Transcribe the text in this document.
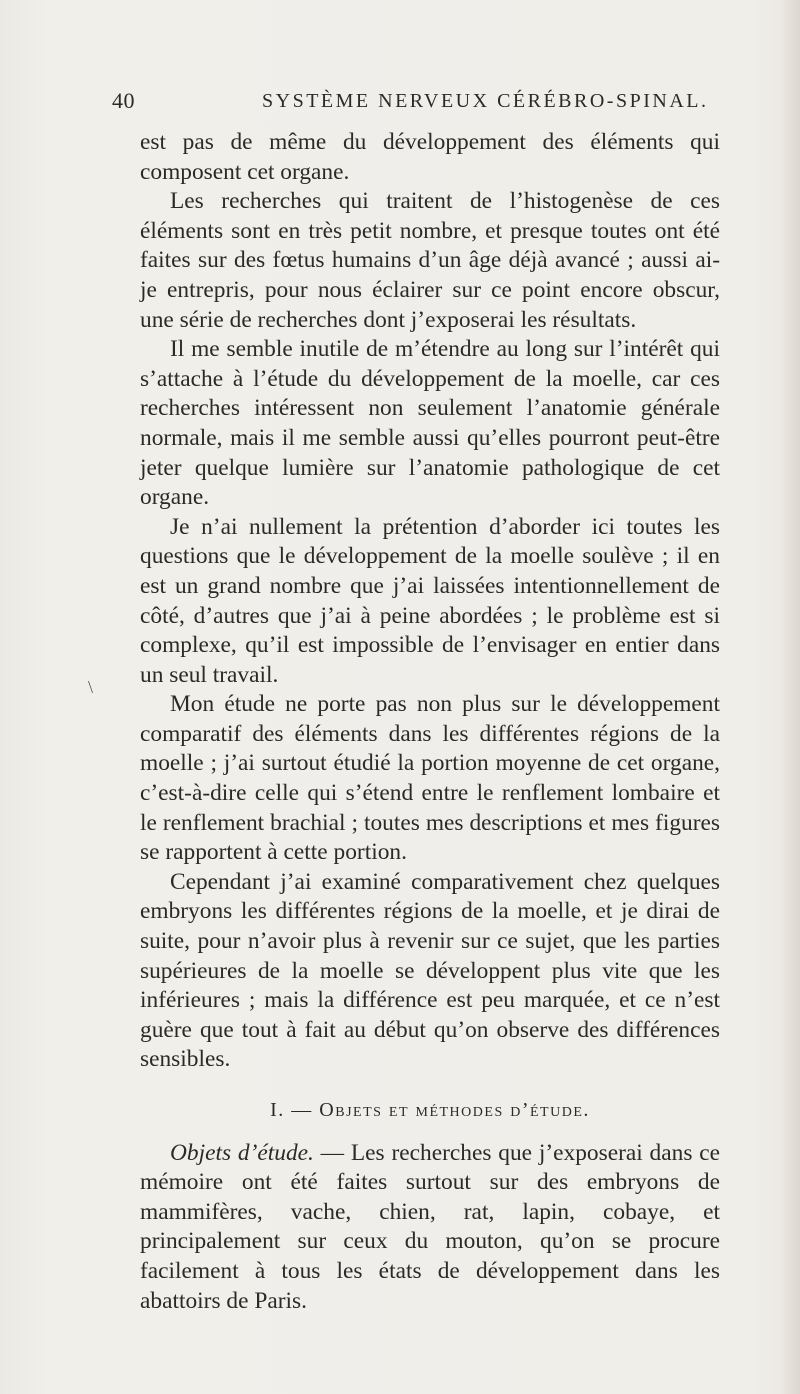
40	SYSTÈME NERVEUX CÉRÉBRO-SPINAL.
\

est pas de même du développement des éléments qui composent cet organe.

Les recherches qui traitent de l’histogenèse de ces éléments sont en très petit nombre, et presque toutes ont été faites sur des fœtus humains d’un âge déjà avancé ; aussi ai-je entrepris, pour nous éclairer sur ce point encore obscur, une série de recherches dont j’exposerai les résultats.

Il me semble inutile de m’étendre au long sur l’intérêt qui s’attache à l’étude du développement de la moelle, car ces recherches intéressent non seulement l’anatomie générale normale, mais il me semble aussi qu’elles pourront peut-être jeter quelque lumière sur l’anatomie pathologique de cet organe.

Je n’ai nullement la prétention d’aborder ici toutes les questions que le développement de la moelle soulève ; il en est un grand nombre que j’ai laissées intentionnellement de côté, d’autres que j’ai à peine abordées ; le problème est si complexe, qu’il est impossible de l’envisager en entier dans un seul travail.

Mon étude ne porte pas non plus sur le développement comparatif des éléments dans les différentes régions de la moelle ; j’ai surtout étudié la portion moyenne de cet organe, c’est-à-dire celle qui s’étend entre le renflement lombaire et le renflement brachial ; toutes mes descriptions et mes figures se rapportent à cette portion.

Cependant j’ai examiné comparativement chez quelques embryons les différentes régions de la moelle, et je dirai de suite, pour n’avoir plus à revenir sur ce sujet, que les parties supérieures de la moelle se développent plus vite que les inférieures ; mais la différence est peu marquée, et ce n’est guère que tout à fait au début qu’on observe des différences sensibles.

I. — Objets et méthodes d’étude.

Objets d’étude. — Les recherches que j’exposerai dans ce mémoire ont été faites surtout sur des embryons de mammifères, vache, chien, rat, lapin, cobaye, et principalement sur ceux du mouton, qu’on se procure facilement à tous les états de développement dans les abattoirs de Paris.
